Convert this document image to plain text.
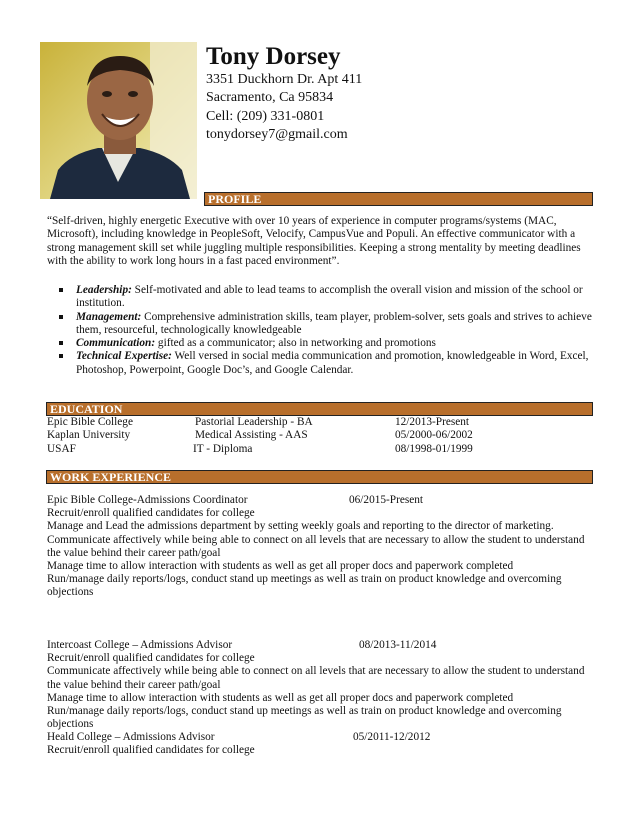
Tony Dorsey
3351 Duckhorn Dr. Apt 411
Sacramento, Ca 95834
Cell: (209) 331-0801
tonydorsey7@gmail.com
PROFILE
“Self-driven, highly energetic Executive with over 10 years of experience in computer programs/systems (MAC, Microsoft), including knowledge in PeopleSoft, Velocify, CampusVue and Populi. An effective communicator with a strong management skill set while juggling multiple responsibilities. Keeping a strong mentality by meeting deadlines with the ability to work long hours in a fast paced environment”.
Leadership: Self-motivated and able to lead teams to accomplish the overall vision and mission of the school or institution.
Management: Comprehensive administration skills, team player, problem-solver, sets goals and strives to achieve them, resourceful, technologically knowledgeable
Communication: gifted as a communicator; also in networking and promotions
Technical Expertise: Well versed in social media communication and promotion, knowledgeable in Word, Excel, Photoshop, Powerpoint, Google Doc’s, and Google Calendar.
EDUCATION
Epic Bible College	Pastorial Leadership - BA	12/2013-Present
Kaplan University	Medical Assisting - AAS	05/2000-06/2002
USAF	IT - Diploma	08/1998-01/1999
WORK EXPERIENCE
Epic Bible College-Admissions Coordinator	06/2015-Present
Recruit/enroll qualified candidates for college
Manage and Lead the admissions department by setting weekly goals and reporting to the director of marketing.
Communicate affectively while being able to connect on all levels that are necessary to allow the student to understand the value behind their career path/goal
Manage time to allow interaction with students as well as get all proper docs and paperwork completed
Run/manage daily reports/logs, conduct stand up meetings as well as train on product knowledge and overcoming objections
Intercoast College – Admissions Advisor	08/2013-11/2014
Recruit/enroll qualified candidates for college
Communicate affectively while being able to connect on all levels that are necessary to allow the student to understand the value behind their career path/goal
Manage time to allow interaction with students as well as get all proper docs and paperwork completed
Run/manage daily reports/logs, conduct stand up meetings as well as train on product knowledge and overcoming objections
Heald College – Admissions Advisor	05/2011-12/2012
Recruit/enroll qualified candidates for college
